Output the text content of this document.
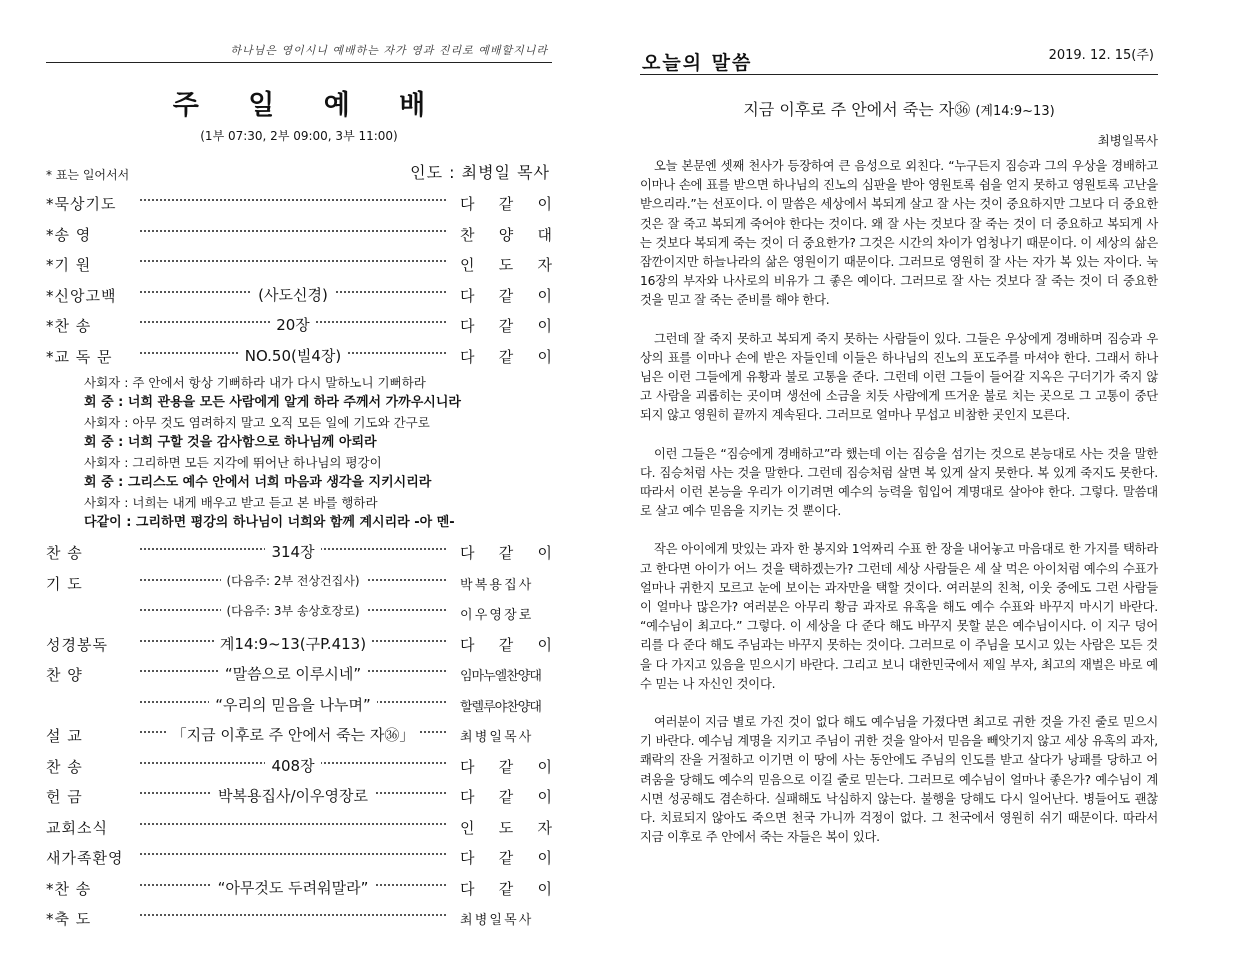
하나님은 영이시니 예배하는 자가 영과 진리로 예배할지니라
주 일 예 배
(1부 07:30, 2부 09:00, 3부 11:00)
* 표는 일어서서	인도 : 최병일 목사
*묵상기도	다 같 이
*송 영	찬 양 대
*기 원	인 도 자
*신앙고백	(사도신경)	다 같 이
*찬 송	20장	다 같 이
*교 독 문	NO.50(빌4장)	다 같 이
사회자 : 주 안에서 항상 기뻐하라 내가 다시 말하노니 기뻐하라
회 중 : 너희 관용을 모든 사람에게 알게 하라 주께서 가까우시니라
사회자 : 아무 것도 염려하지 말고 오직 모든 일에 기도와 간구로
회 중 : 너희 구할 것을 감사함으로 하나님께 아뢰라
사회자 : 그리하면 모든 지각에 뛰어난 하나님의 평강이
회 중 : 그리스도 예수 안에서 너희 마음과 생각을 지키시리라
사회자 : 너희는 내게 배우고 받고 듣고 본 바를 행하라
다같이 : 그리하면 평강의 하나님이 너희와 함께 계시리라 -아 멘-
찬 송	314장	다 같 이
기 도	(다음주: 2부 전상건집사)	박 복 용 집 사
(다음주: 3부 송상호장로)	이 우 영 장 로
성경봉독	계14:9~13(구P.413)	다 같 이
찬 양	“말씀으로 이루시네”	임마누엘찬양대
“우리의 믿음을 나누며”	할렐루야찬양대
설 교	「지금 이후로 주 안에서 죽는 자㊱」	최 병 일 목 사
찬 송	408장	다 같 이
헌 금	박복용집사/이우영장로	다 같 이
교회소식	인 도 자
새가족환영	다 같 이
*찬 송	“아무것도 두려워말라”	다 같 이
*축 도	최 병 일 목 사
오늘의 말씀	2019. 12. 15(주)
지금 이후로 주 안에서 죽는 자㊱ (계14:9~13)
최병일목사

오늘 본문엔 셋째 천사가 등장하여 큰 음성으로 외친다. “누구든지 짐승과 그의 우상을 경배하고 이마나 손에 표를 받으면 하나님의 진노의 심판을 받아 영원토록 쉼을 얻지 못하고 영원토록 고난을 받으리라.”는 선포이다. 이 말씀은 세상에서 복되게 살고 잘 사는 것이 중요하지만 그보다 더 중요한 것은 잘 죽고 복되게 죽어야 한다는 것이다. 왜 잘 사는 것보다 잘 죽는 것이 더 중요하고 복되게 사는 것보다 복되게 죽는 것이 더 중요한가? 그것은 시간의 차이가 엄청나기 때문이다. 이 세상의 삶은 잠깐이지만 하늘나라의 삶은 영원이기 때문이다. 그러므로 영원히 잘 사는 자가 복 있는 자이다. 눅16장의 부자와 나사로의 비유가 그 좋은 예이다. 그러므로 잘 사는 것보다 잘 죽는 것이 더 중요한 것을 믿고 잘 죽는 준비를 해야 한다.

그런데 잘 죽지 못하고 복되게 죽지 못하는 사람들이 있다. 그들은 우상에게 경배하며 짐승과 우상의 표를 이마나 손에 받은 자들인데 이들은 하나님의 진노의 포도주를 마셔야 한다. 그래서 하나님은 이런 그들에게 유황과 불로 고통을 준다. 그런데 이런 그들이 들어갈 지옥은 구더기가 죽지 않고 사람을 괴롭히는 곳이며 생선에 소금을 치듯 사람에게 뜨거운 불로 치는 곳으로 그 고통이 중단되지 않고 영원히 끝까지 계속된다. 그러므로 얼마나 무섭고 비참한 곳인지 모른다.

이런 그들은 “짐승에게 경배하고”라 했는데 이는 짐승을 섬기는 것으로 본능대로 사는 것을 말한다. 짐승처럼 사는 것을 말한다. 그런데 짐승처럼 살면 복 있게 살지 못한다. 복 있게 죽지도 못한다. 따라서 이런 본능을 우리가 이기려면 예수의 능력을 힘입어 계명대로 살아야 한다. 그렇다. 말씀대로 살고 예수 믿음을 지키는 것 뿐이다.

작은 아이에게 맛있는 과자 한 봉지와 1억짜리 수표 한 장을 내어놓고 마음대로 한 가지를 택하라고 한다면 아이가 어느 것을 택하겠는가? 그런데 세상 사람들은 세 살 먹은 아이처럼 예수의 수표가 얼마나 귀한지 모르고 눈에 보이는 과자만을 택할 것이다. 여러분의 친척, 이웃 중에도 그런 사람들이 얼마나 많은가? 여러분은 아무리 황금 과자로 유혹을 해도 예수 수표와 바꾸지 마시기 바란다. “예수님이 최고다.” 그렇다. 이 세상을 다 준다 해도 바꾸지 못할 분은 예수님이시다. 이 지구 덩어리를 다 준다 해도 주님과는 바꾸지 못하는 것이다. 그러므로 이 주님을 모시고 있는 사람은 모든 것을 다 가지고 있음을 믿으시기 바란다. 그리고 보니 대한민국에서 제일 부자, 최고의 재벌은 바로 예수 믿는 나 자신인 것이다.

여러분이 지금 별로 가진 것이 없다 해도 예수님을 가졌다면 최고로 귀한 것을 가진 줄로 믿으시기 바란다. 예수님 계명을 지키고 주님이 귀한 것을 알아서 믿음을 빼앗기지 않고 세상 유혹의 과자, 쾌락의 잔을 거절하고 이기면 이 땅에 사는 동안에도 주님의 인도를 받고 살다가 낭패를 당하고 어려움을 당해도 예수의 믿음으로 이길 줄로 믿는다. 그러므로 예수님이 얼마나 좋은가? 예수님이 계시면 성공해도 겸손하다. 실패해도 낙심하지 않는다. 불행을 당해도 다시 일어난다. 병들어도 괜찮다. 치료되지 않아도 죽으면 천국 가니까 걱정이 없다. 그 천국에서 영원히 쉬기 때문이다. 따라서 지금 이후로 주 안에서 죽는 자들은 복이 있다.
